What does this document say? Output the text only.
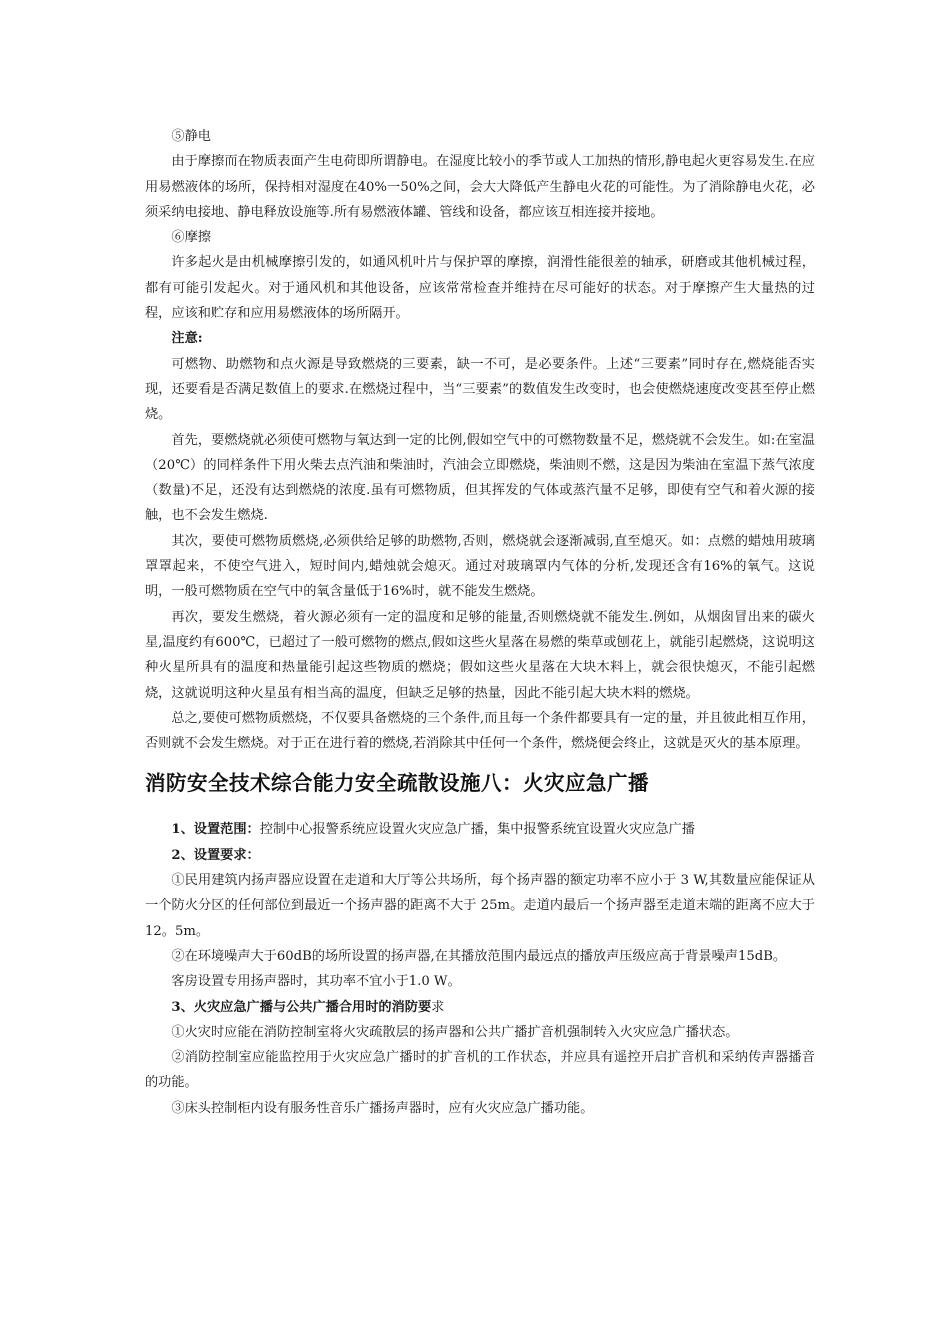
⑤静电

由于摩擦而在物质表面产生电荷即所谓静电。在湿度比较小的季节或人工加热的情形,静电起火更容易发生.在应用易燃液体的场所，保持相对湿度在40%一50%之间，会大大降低产生静电火花的可能性。为了消除静电火花，必须采纳电接地、静电释放设施等.所有易燃液体罐、管线和设备，都应该互相连接并接地。

⑥摩擦

许多起火是由机械摩擦引发的，如通风机叶片与保护罩的摩擦，润滑性能很差的轴承，研磨或其他机械过程，都有可能引发起火。对于通风机和其他设备，应该常常检查并维持在尽可能好的状态。对于摩擦产生大量热的过程，应该和贮存和应用易燃液体的场所隔开。

注意:

可燃物、助燃物和点火源是导致燃烧的三要素，缺一不可，是必要条件。上述“三要素”同时存在,燃烧能否实现，还要看是否满足数值上的要求.在燃烧过程中，当“三要素”的数值发生改变时，也会使燃烧速度改变甚至停止燃烧。

首先，要燃烧就必须使可燃物与氧达到一定的比例,假如空气中的可燃物数量不足，燃烧就不会发生。如:在室温（20℃）的同样条件下用火柴去点汽油和柴油时，汽油会立即燃烧，柴油则不燃，这是因为柴油在室温下蒸气浓度（数量)不足，还没有达到燃烧的浓度.虽有可燃物质，但其挥发的气体或蒸汽量不足够，即使有空气和着火源的接触，也不会发生燃烧.

其次，要使可燃物质燃烧,必须供给足够的助燃物,否则，燃烧就会逐渐减弱,直至熄灭。如：点燃的蜡烛用玻璃罩罩起来，不使空气进入，短时间内,蜡烛就会熄灭。通过对玻璃罩内气体的分析,发现还含有16%的氧气。这说明，一般可燃物质在空气中的氧含量低于16%时，就不能发生燃烧。

再次，要发生燃烧，着火源必须有一定的温度和足够的能量,否则燃烧就不能发生.例如，从烟囱冒出来的碳火星,温度约有600℃，已超过了一般可燃物的燃点,假如这些火星落在易燃的柴草或刨花上，就能引起燃烧，这说明这种火星所具有的温度和热量能引起这些物质的燃烧；假如这些火星落在大块木料上，就会很快熄灭，不能引起燃烧，这就说明这种火星虽有相当高的温度，但缺乏足够的热量，因此不能引起大块木料的燃烧。

总之,要使可燃物质燃烧，不仅要具备燃烧的三个条件,而且每一个条件都要具有一定的量，并且彼此相互作用，否则就不会发生燃烧。对于正在进行着的燃烧,若消除其中任何一个条件，燃烧便会终止，这就是灭火的基本原理。

消防安全技术综合能力安全疏散设施八：火灾应急广播

1、设置范围：控制中心报警系统应设置火灾应急广播，集中报警系统宜设置火灾应急广播

2、设置要求：

①民用建筑内扬声器应设置在走道和大厅等公共场所，每个扬声器的额定功率不应小于 3 W,其数量应能保证从一个防火分区的任何部位到最近一个扬声器的距离不大于 25m。走道内最后一个扬声器至走道末端的距离不应大于12。5m。

②在环境噪声大于60dB的场所设置的扬声器,在其播放范围内最远点的播放声压级应高于背景噪声15dB。

客房设置专用扬声器时，其功率不宜小于1.0 W。

3、火灾应急广播与公共广播合用时的消防要求

①火灾时应能在消防控制室将火灾疏散层的扬声器和公共广播扩音机强制转入火灾应急广播状态。

②消防控制室应能监控用于火灾应急广播时的扩音机的工作状态，并应具有遥控开启扩音机和采纳传声器播音的功能。

③床头控制柜内设有服务性音乐广播扬声器时，应有火灾应急广播功能。
